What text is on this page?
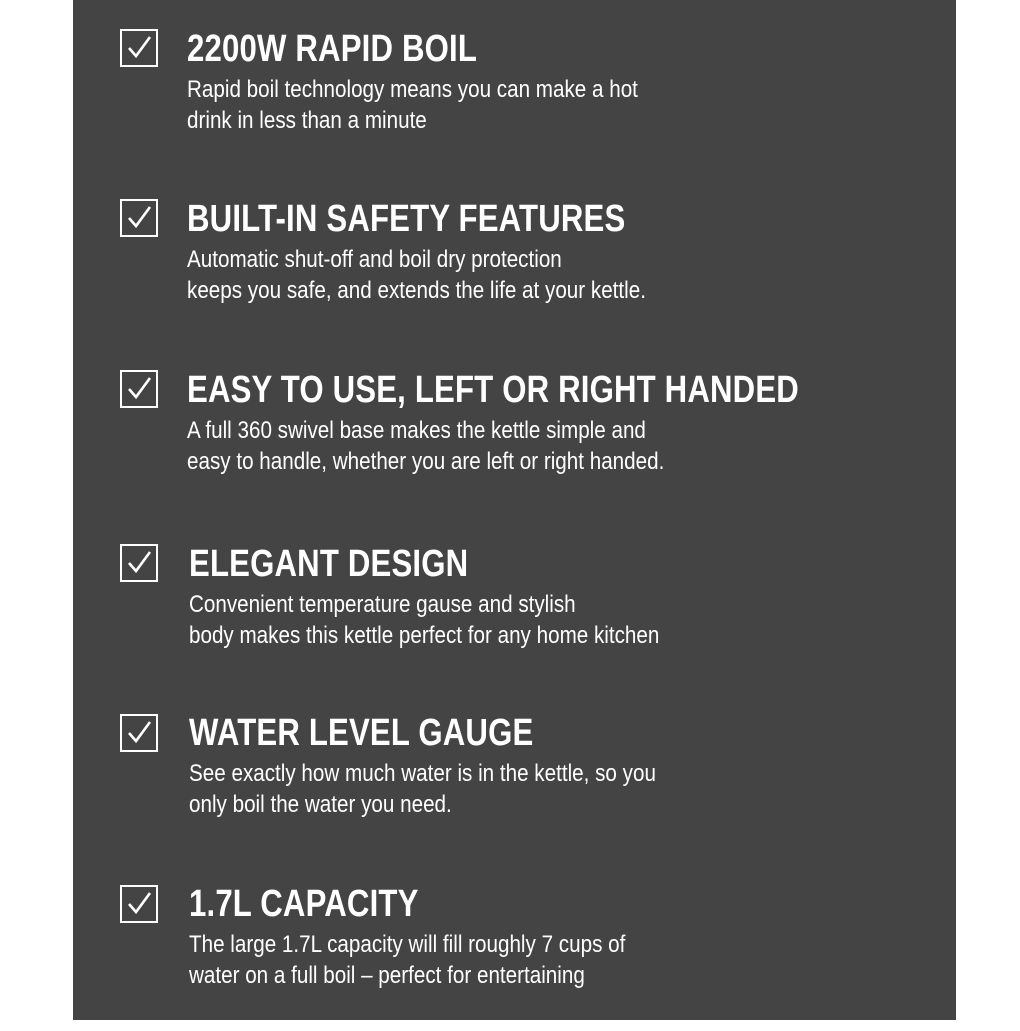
2200W RAPID BOIL
Rapid boil technology means you can make a hot
drink in less than a minute
BUILT-IN SAFETY FEATURES
Automatic shut-off and boil dry protection
keeps you safe, and extends the life at your kettle.
EASY TO USE, LEFT OR RIGHT HANDED
A full 360 swivel base makes the kettle simple and
easy to handle, whether you are left or right handed.
ELEGANT DESIGN
Convenient temperature gause and stylish
body makes this kettle perfect for any home kitchen
WATER LEVEL GAUGE
See exactly how much water is in the kettle, so you
only boil the water you need.
1.7L CAPACITY
The large 1.7L capacity will fill roughly 7 cups of
water on a full boil – perfect for entertaining
